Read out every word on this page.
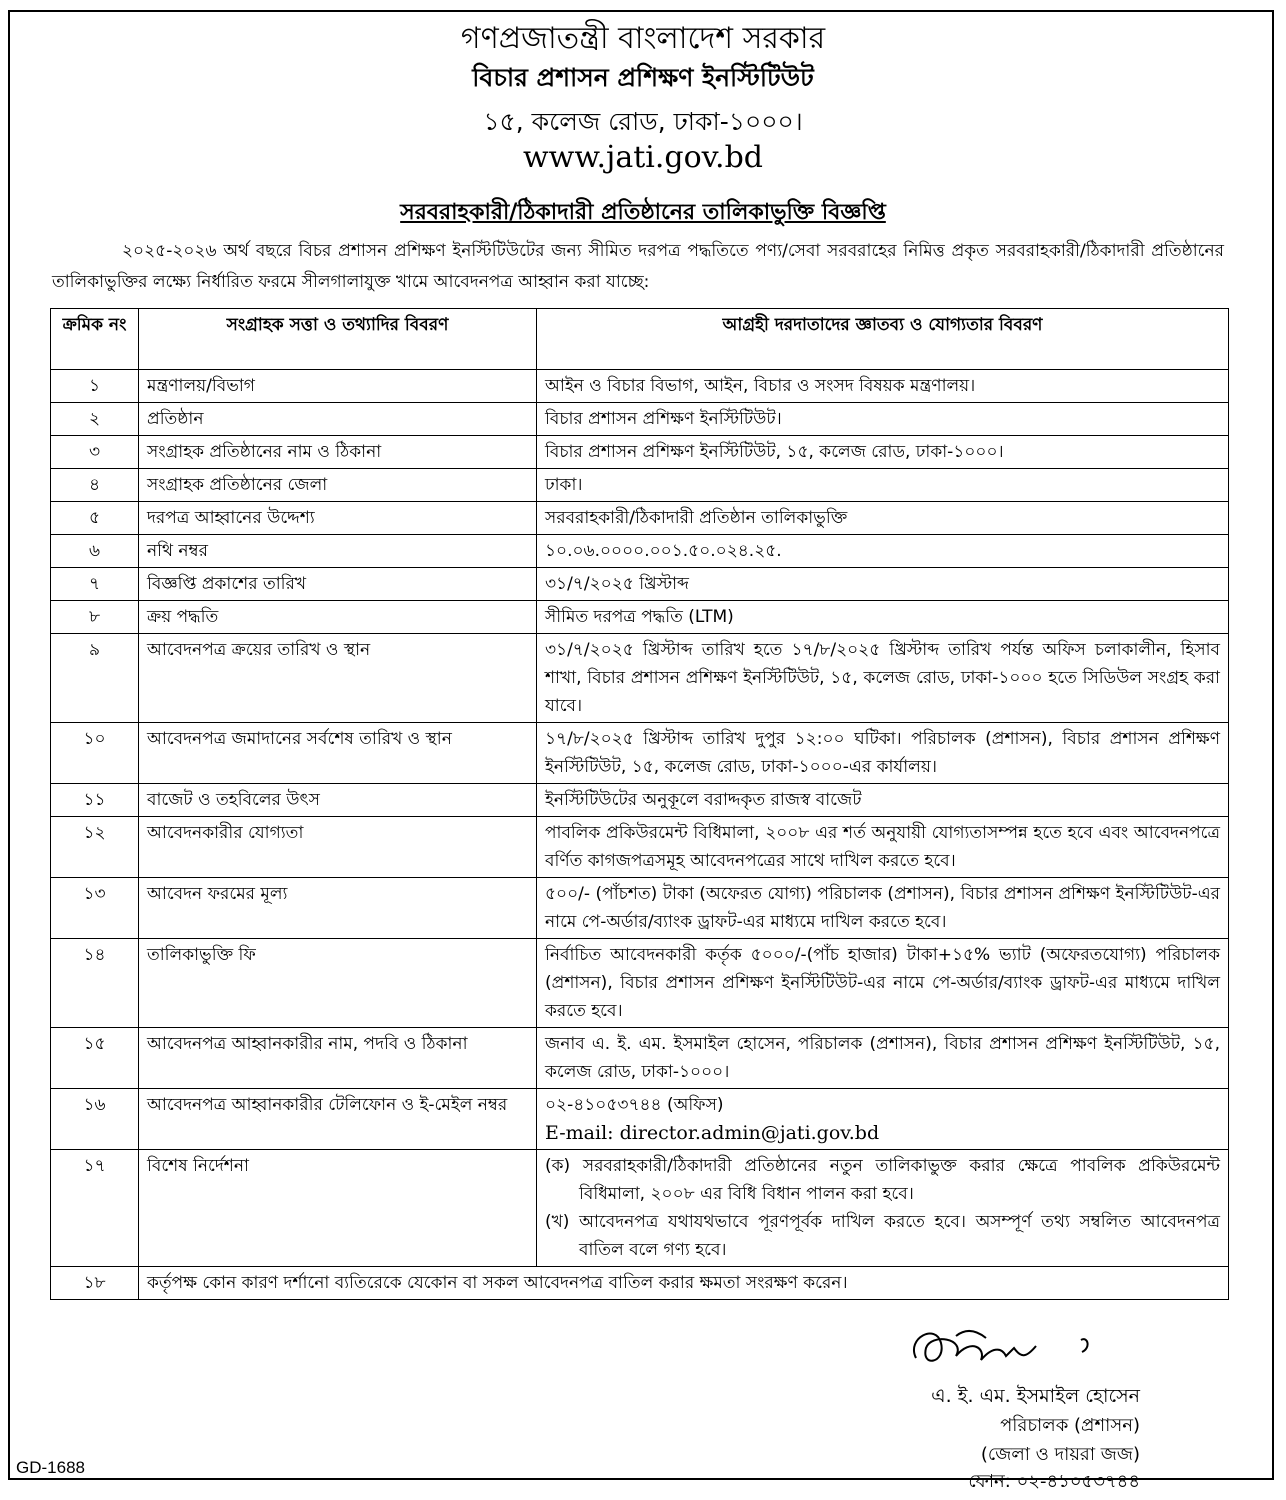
গণপ্রজাতন্ত্রী বাংলাদেশ সরকার
বিচার প্রশাসন প্রশিক্ষণ ইনস্টিটিউট
১৫, কলেজ রোড, ঢাকা-১০০০।
www.jati.gov.bd
সরবরাহকারী/ঠিকাদারী প্রতিষ্ঠানের তালিকাভুক্তি বিজ্ঞপ্তি
২০২৫-২০২৬ অর্থ বছরে বিচর প্রশাসন প্রশিক্ষণ ইনস্টিটিউটের জন্য সীমিত দরপত্র পদ্ধতিতে পণ্য/সেবা সরবরাহের নিমিত্ত প্রকৃত সরবরাহকারী/ঠিকাদারী প্রতিষ্ঠানের তালিকাভুক্তির লক্ষ্যে নির্ধারিত ফরমে সীলগালাযুক্ত খামে আবেদনপত্র আহ্বান করা যাচ্ছে:
ক্রমিক নং	সংগ্রাহক সত্তা ও তথ্যাদির বিবরণ	আগ্রহী দরদাতাদের জ্ঞাতব্য ও যোগ্যতার বিবরণ
১	মন্ত্রণালয়/বিভাগ	আইন ও বিচার বিভাগ, আইন, বিচার ও সংসদ বিষয়ক মন্ত্রণালয়।
২	প্রতিষ্ঠান	বিচার প্রশাসন প্রশিক্ষণ ইনস্টিটিউট।
৩	সংগ্রাহক প্রতিষ্ঠানের নাম ও ঠিকানা	বিচার প্রশাসন প্রশিক্ষণ ইনস্টিটিউট, ১৫, কলেজ রোড, ঢাকা-১০০০।
৪	সংগ্রাহক প্রতিষ্ঠানের জেলা	ঢাকা।
৫	দরপত্র আহ্বানের উদ্দেশ্য	সরবরাহকারী/ঠিকাদারী প্রতিষ্ঠান তালিকাভুক্তি
৬	নথি নম্বর	১০.০৬.০০০০.০০১.৫০.০২৪.২৫.
৭	বিজ্ঞপ্তি প্রকাশের তারিখ	৩১/৭/২০২৫ খ্রিস্টাব্দ
৮	ক্রয় পদ্ধতি	সীমিত দরপত্র পদ্ধতি (LTM)
৯	আবেদনপত্র ক্রয়ের তারিখ ও স্থান	৩১/৭/২০২৫ খ্রিস্টাব্দ তারিখ হতে ১৭/৮/২০২৫ খ্রিস্টাব্দ তারিখ পর্যন্ত অফিস চলাকালীন, হিসাব শাখা, বিচার প্রশাসন প্রশিক্ষণ ইনস্টিটিউট, ১৫, কলেজ রোড, ঢাকা-১০০০ হতে সিডিউল সংগ্রহ করা যাবে।
১০	আবেদনপত্র জমাদানের সর্বশেষ তারিখ ও স্থান	১৭/৮/২০২৫ খ্রিস্টাব্দ তারিখ দুপুর ১২:০০ ঘটিকা। পরিচালক (প্রশাসন), বিচার প্রশাসন প্রশিক্ষণ ইনস্টিটিউট, ১৫, কলেজ রোড, ঢাকা-১০০০-এর কার্যালয়।
১১	বাজেট ও তহবিলের উৎস	ইনস্টিটিউটের অনুকূলে বরাদ্দকৃত রাজস্ব বাজেট
১২	আবেদনকারীর যোগ্যতা	পাবলিক প্রকিউরমেন্ট বিধিমালা, ২০০৮ এর শর্ত অনুযায়ী যোগ্যতাসম্পন্ন হতে হবে এবং আবেদনপত্রে বর্ণিত কাগজপত্রসমূহ আবেদনপত্রের সাথে দাখিল করতে হবে।
১৩	আবেদন ফরমের মূল্য	৫০০/- (পাঁচশত) টাকা (অফেরত যোগ্য) পরিচালক (প্রশাসন), বিচার প্রশাসন প্রশিক্ষণ ইনস্টিটিউট-এর নামে পে-অর্ডার/ব্যাংক ড্রাফট-এর মাধ্যমে দাখিল করতে হবে।
১৪	তালিকাভুক্তি ফি	নির্বাচিত আবেদনকারী কর্তৃক ৫০০০/-(পাঁচ হাজার) টাকা+১৫% ভ্যাট (অফেরতযোগ্য) পরিচালক (প্রশাসন), বিচার প্রশাসন প্রশিক্ষণ ইনস্টিটিউট-এর নামে পে-অর্ডার/ব্যাংক ড্রাফট-এর মাধ্যমে দাখিল করতে হবে।
১৫	আবেদনপত্র আহ্বানকারীর নাম, পদবি ও ঠিকানা	জনাব এ. ই. এম. ইসমাইল হোসেন, পরিচালক (প্রশাসন), বিচার প্রশাসন প্রশিক্ষণ ইনস্টিটিউট, ১৫, কলেজ রোড, ঢাকা-১০০০।
১৬	আবেদনপত্র আহ্বানকারীর টেলিফোন ও ই-মেইল নম্বর	০২-৪১০৫৩৭৪৪ (অফিস)
E-mail: director.admin@jati.gov.bd

১৭	বিশেষ নির্দেশনা	(ক) সরবরাহকারী/ঠিকাদারী প্রতিষ্ঠানের নতুন তালিকাভুক্ত করার ক্ষেত্রে পাবলিক প্রকিউরমেন্ট বিধিমালা, ২০০৮ এর বিধি বিধান পালন করা হবে।
(খ) আবেদনপত্র যথাযথভাবে পূরণপূর্বক দাখিল করতে হবে। অসম্পূর্ণ তথ্য সম্বলিত আবেদনপত্র বাতিল বলে গণ্য হবে।

১৮	কর্তৃপক্ষ কোন কারণ দর্শানো ব্যতিরেকে যেকোন বা সকল আবেদনপত্র বাতিল করার ক্ষমতা সংরক্ষণ করেন।	
এ. ই. এম. ইসমাইল হোসেন
পরিচালক (প্রশাসন)
(জেলা ও দায়রা জজ)
ফোন: ০২-৪১০৫৩৭৪৪
GD-1688
